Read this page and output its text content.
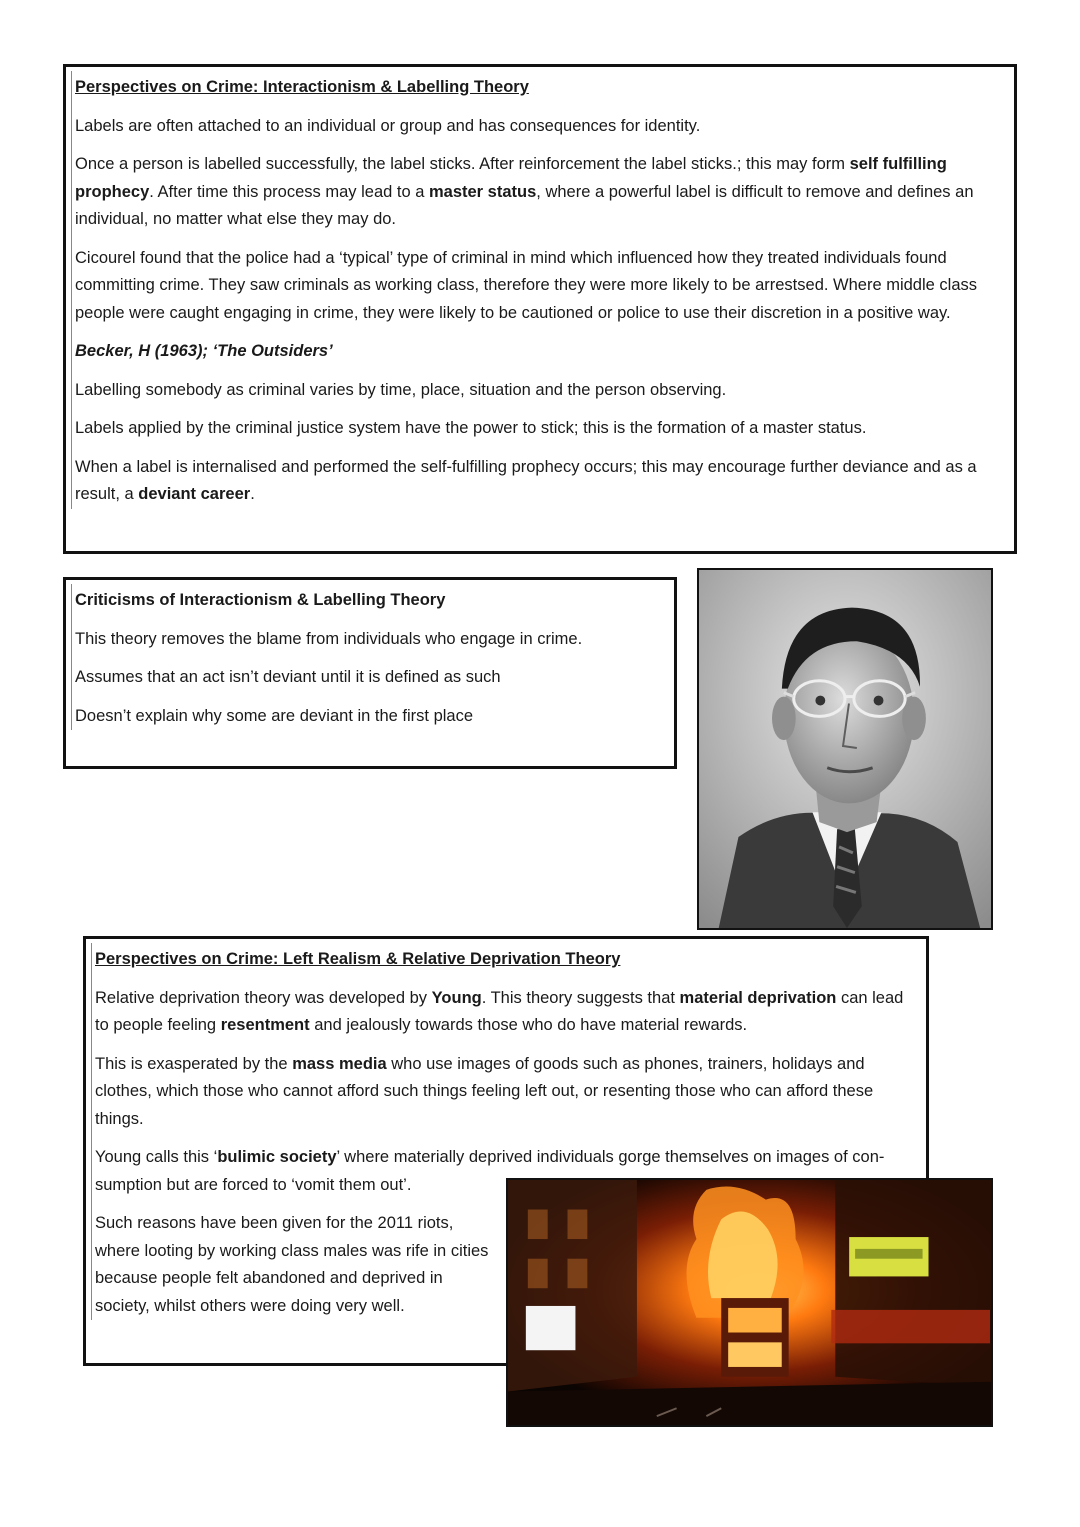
Perspectives on Crime: Interactionism & Labelling Theory
Labels are often attached to an individual or group and has consequences for identity.
Once a person is labelled successfully, the label sticks. After reinforcement the label sticks.; this may form self fulfilling prophecy. After time this process may lead to a master status, where a powerful label is difficult to remove and defines an individual, no matter what else they may do.
Cicourel found that the police had a ‘typical’ type of criminal in mind which influenced how they treated individuals found committing crime. They saw criminals as working class, therefore they were more likely to be arrestsed. Where middle class people were caught engaging in crime, they were likely to be cautioned or police to use their discretion in a positive way.
Becker, H (1963); ‘The Outsiders’
Labelling somebody as criminal varies by time, place, situation and the person observing.
Labels applied by the criminal justice system have the power to stick; this is the formation of a master status.
When a label is internalised and performed the self-fulfilling prophecy occurs; this may encourage further deviance and as a result, a deviant career.
Criticisms of Interactionism & Labelling Theory
This theory removes the blame from individuals who engage in crime.
Assumes that an act isn’t deviant until it is defined as such
Doesn’t explain why some are deviant in the first place
Perspectives on Crime: Left Realism & Relative Deprivation Theory
Relative deprivation theory was developed by Young. This theory suggests that material deprivation can lead to people feeling resentment and jealously towards those who do have material rewards.
This is exasperated by the mass media who use images of goods such as phones, trainers, holidays and clothes, which those who cannot afford such things feeling left out, or resenting those who can afford these things.
Young calls this ‘bulimic society’ where materially deprived individuals gorge themselves on images of con-sumption but are forced to ‘vomit them out’.
Such reasons have been given for the 2011 riots, where looting by working class males was rife in cities because people felt abandoned and deprived in society, whilst others were doing very well.
